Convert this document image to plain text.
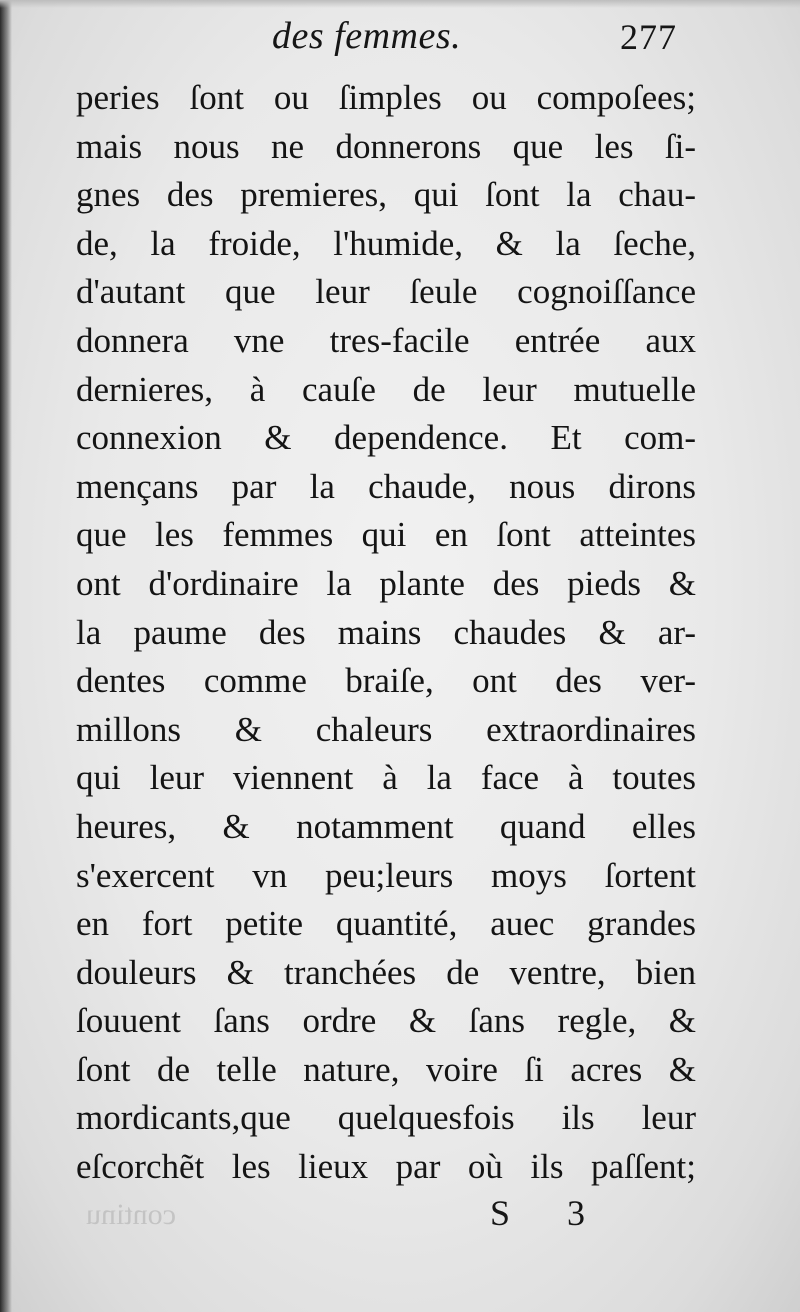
des femmes.	277
peries ſont ou ſimples ou compoſees;
mais nous ne donnerons que les ſi-
gnes des premieres, qui ſont la chau-
de, la froide, l'humide, & la ſeche,
d'autant que leur ſeule cognoiſſance
donnera vne tres-facile entrée aux
dernieres, à cauſe de leur mutuelle
connexion & dependence. Et com-
mençans par la chaude, nous dirons
que les femmes qui en ſont atteintes
ont d'ordinaire la plante des pieds &
la paume des mains chaudes & ar-
dentes comme braiſe, ont des ver-
millons & chaleurs extraordinaires
qui leur viennent à la face à toutes
heures, & notamment quand elles
s'exercent vn peu;leurs moys ſortent
en fort petite quantité, auec grandes
douleurs & tranchées de ventre, bien
ſouuent ſans ordre & ſans regle, &
ſont de telle nature, voire ſi acres &
mordicants,que quelquesfois ils leur
eſcorchẽt les lieux par où ils paſſent;
continu	S 3
